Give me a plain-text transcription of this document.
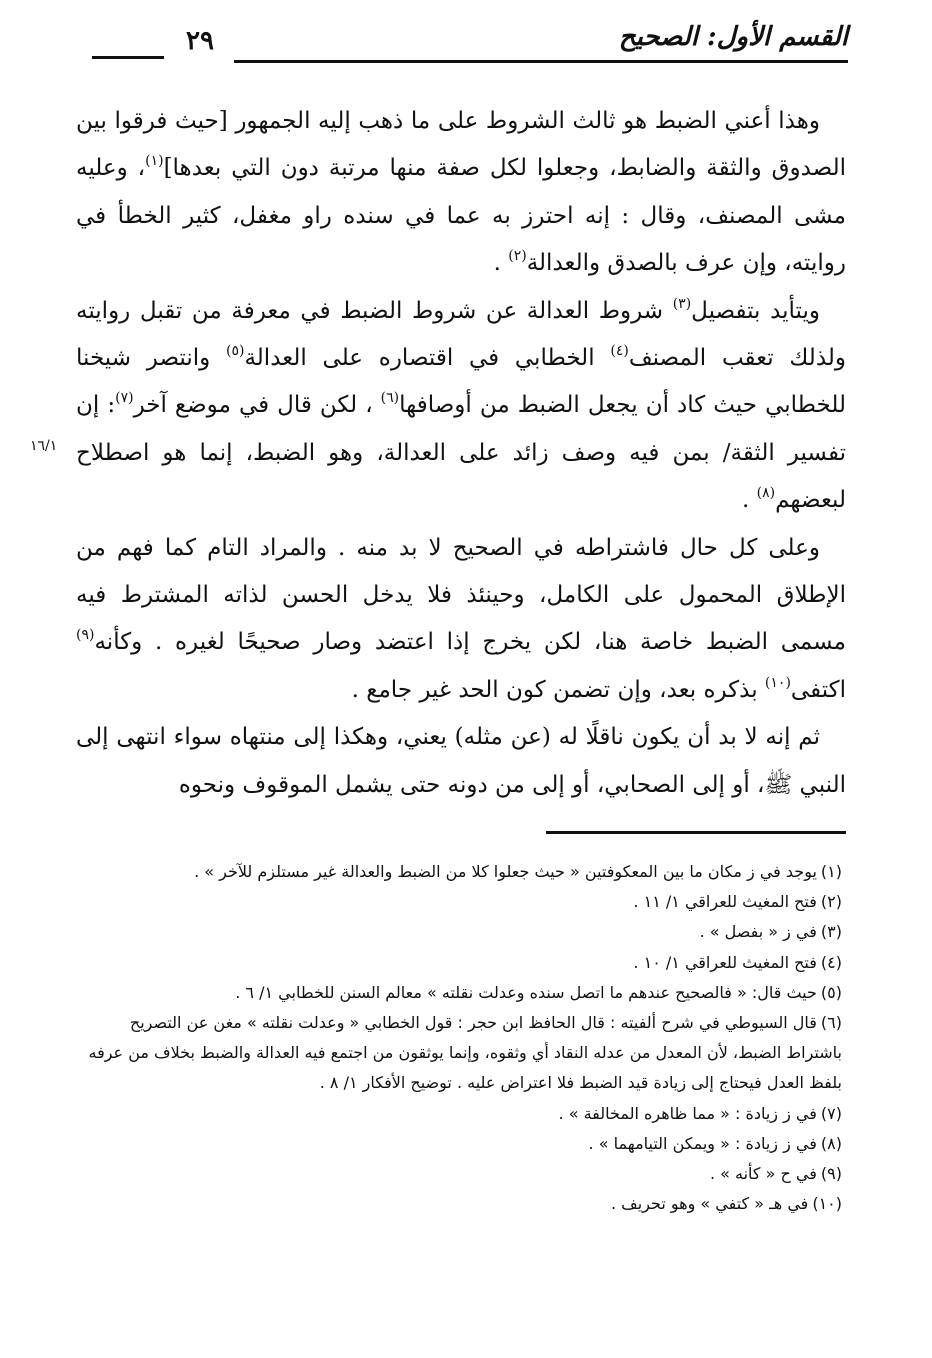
٢٩	القسم الأول: الصحيح

وهذا أعني الضبط هو ثالث الشروط على ما ذهب إليه الجمهور [حيث فرقوا بين الصدوق والثقة والضابط، وجعلوا لكل صفة منها مرتبة دون التي بعدها]$^{(١)}$، وعليه مشى المصنف، وقال : إنه احترز به عما في سنده راو مغفل، كثير الخطأ في روايته، وإن عرف بالصدق والعدالة$^{(٢)}$ .

ويتأيد بتفصيل$^{(٣)}$ شروط العدالة عن شروط الضبط في معرفة من تقبل روايته ولذلك تعقب المصنف$^{(٤)}$ الخطابي في اقتصاره على العدالة$^{(٥)}$ وانتصر شيخنا للخطابي حيث كاد أن يجعل الضبط من أوصافها$^{(٦)}$ ، لكن قال في موضع آخر$^{(٧)}$: إن تفسير الثقة/ بمن فيه وصف زائد على العدالة، وهو الضبط، إنما هو اصطلاح لبعضهم$^{(٨)}$ .

وعلى كل حال فاشتراطه في الصحيح لا بد منه . والمراد التام كما فهم من الإطلاق المحمول على الكامل، وحينئذ فلا يدخل الحسن لذاته المشترط فيه مسمى الضبط خاصة هنا، لكن يخرج إذا اعتضد وصار صحيحًا لغيره . وكأنه$^{(٩)}$ اكتفى$^{(١٠)}$ بذكره بعد، وإن تضمن كون الحد غير جامع .

ثم إنه لا بد أن يكون ناقلًا له (عن مثله) يعني، وهكذا إلى منتهاه سواء انتهى إلى النبي ﷺ، أو إلى الصحابي، أو إلى من دونه حتى يشمل الموقوف ونحوه

١٦/١
(١)يوجد في ز مكان ما بين المعكوفتين « حيث جعلوا كلا من الضبط والعدالة غير مستلزم للآخر » .
(٢)فتح المغيث للعراقي ١/ ١١ .
(٣)في ز « بفصل » .
(٤)فتح المغيث للعراقي ١/ ١٠ .
(٥)حيث قال: « فالصحيح عندهم ما اتصل سنده وعدلت نقلته » معالم السنن للخطابي ١/ ٦ .
(٦)قال السيوطي في شرح ألفيته : قال الحافظ ابن حجر : قول الخطابي « وعدلت نقلته » مغن عن التصريح باشتراط الضبط، لأن المعدل من عدله النقاد أي وثقوه، وإنما يوثقون من اجتمع فيه العدالة والضبط بخلاف من عرفه بلفظ العدل فيحتاج إلى زيادة قيد الضبط فلا اعتراض عليه . توضيح الأفكار ١/ ٨ .
(٧)في ز زيادة : « مما ظاهره المخالفة » .
(٨)في ز زيادة : « ويمكن التيامهما » .
(٩)في ح « كأنه » .
(١٠)في هـ « كتفي » وهو تحريف .
